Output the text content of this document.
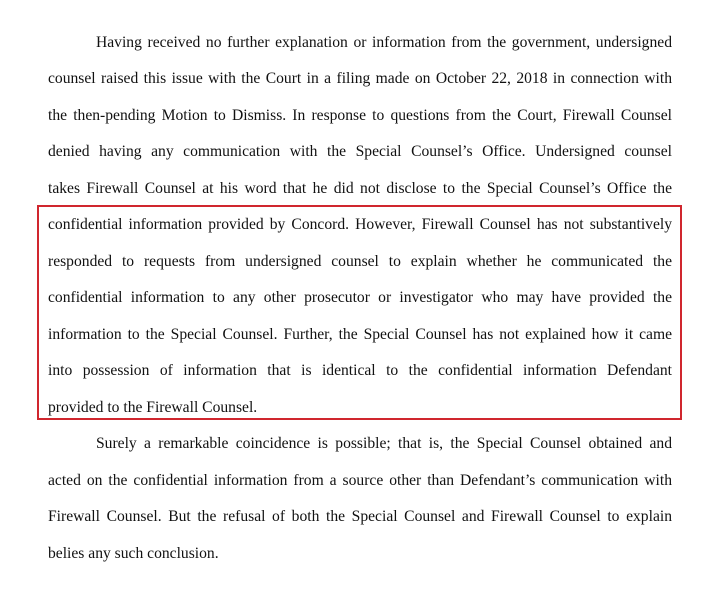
Having received no further explanation or information from the government, undersigned
counsel raised this issue with the Court in a filing made on October 22, 2018 in connection with
the then-pending Motion to Dismiss. In response to questions from the Court, Firewall Counsel
denied having any communication with the Special Counsel’s Office. Undersigned counsel
takes Firewall Counsel at his word that he did not disclose to the Special Counsel’s Office the
confidential information provided by Concord. However, Firewall Counsel has not substantively
responded to requests from undersigned counsel to explain whether he communicated the
confidential information to any other prosecutor or investigator who may have provided the
information to the Special Counsel. Further, the Special Counsel has not explained how it came
into possession of information that is identical to the confidential information Defendant
provided to the Firewall Counsel.
Surely a remarkable coincidence is possible; that is, the Special Counsel obtained and
acted on the confidential information from a source other than Defendant’s communication with
Firewall Counsel. But the refusal of both the Special Counsel and Firewall Counsel to explain
belies any such conclusion.
